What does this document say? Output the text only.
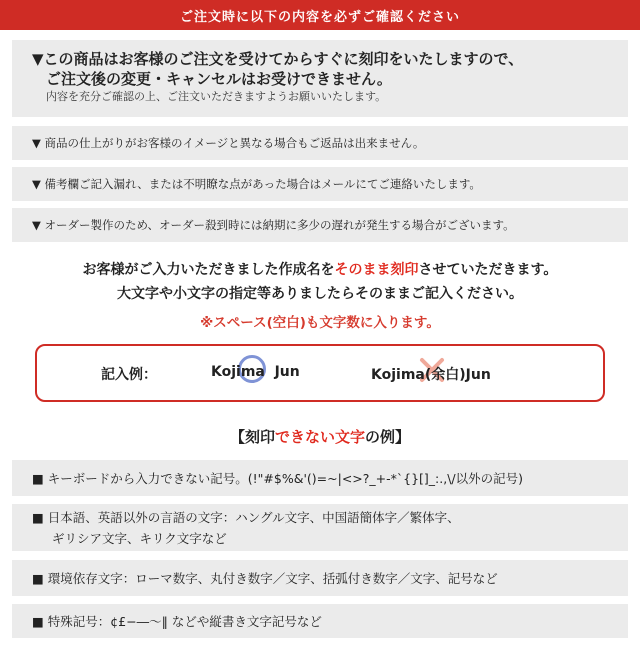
ご注文時に以下の内容を必ずご確認ください
▼この商品はお客様のご注文を受けてからすぐに刻印をいたしますので、
ご注文後の変更・キャンセルはお受けできません。
内容を充分ご確認の上、ご注文いただきますようお願いいたします。
▼ 商品の仕上がりがお客様のイメージと異なる場合もご返品は出来ません。
▼ 備考欄ご記入漏れ、または不明瞭な点があった場合はメールにてご連絡いたします。
▼ オーダー製作のため、オーダー殺到時には納期に多少の遅れが発生する場合がございます。
お客様がご入力いただきました作成名をそのまま刻印させていただきます。
大文字や小文字の指定等ありましたらそのままご記入ください。
※スペース(空白)も文字数に入ります。
記入例：	Kojima  Jun	Kojima(余白)Jun
【刻印できない文字の例】
■ キーボードから入力できない記号。(!"#$%&'()=~|<>?_+-*`{}[]_:.,\/以外の記号)
■ 日本語、英語以外の言語の文字：ハングル文字、中国語簡体字／繁体字、
ギリシア文字、キリク文字など
■ 環境依存文字：ローマ数字、丸付き数字／文字、括弧付き数字／文字、記号など
■ 特殊記号：¢£−―〜‖ などや縦書き文字記号など
